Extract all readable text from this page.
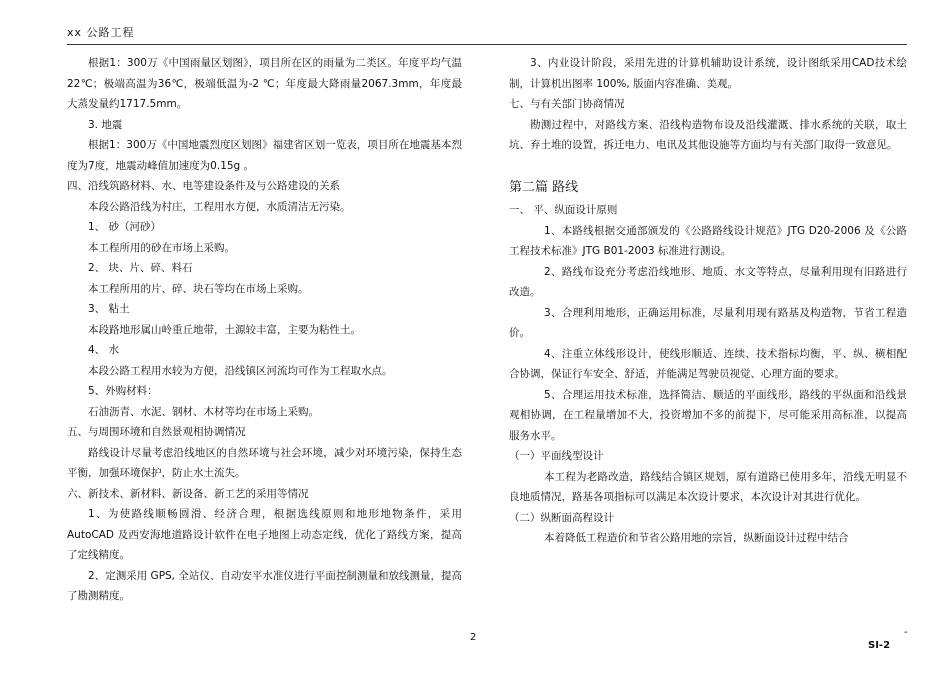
xx 公路工程
根据1：300万《中国雨量区划图》，项目所在区的雨量为二类区。年度平均气温22℃；极端高温为36℃，极端低温为-2 ℃；年度最大降雨量2067.3mm，年度最大蒸发量约1717.5mm。
3. 地震
根据1：300万《中国地震烈度区划图》福建省区划一览表，项目所在地震基本烈度为7度，地震动峰值加速度为0.15g 。
四、沿线筑路材料、水、电等建设条件及与公路建设的关系
本段公路沿线为村庄，工程用水方便，水质清洁无污染。
1、 砂（河砂）
本工程所用的砂在市场上采购。
2、 块、片、碎、料石
本工程所用的片、碎、块石等均在市场上采购。
3、 粘土
本段路地形属山岭重丘地带，土源较丰富，主要为粘性土。
4、 水
本段公路工程用水较为方便，沿线镇区河流均可作为工程取水点。
5、外购材料：
石油沥青、水泥、钢材、木材等均在市场上采购。
五、与周围环境和自然景观相协调情况
路线设计尽量考虑沿线地区的自然环境与社会环境，减少对环境污染，保持生态平衡，加强环境保护，防止水土流失。
六、新技术、新材料、新设备、新工艺的采用等情况
1、为使路线顺畅圆滑、经济合理，根据选线原则和地形地物条件，采用 AutoCAD 及西安海地道路设计软件在电子地图上动态定线，优化了路线方案，提高了定线精度。
2、定测采用 GPS, 全站仪、自动安平水准仪进行平面控制测量和放线测量，提高了勘测精度。
3、内业设计阶段，采用先进的计算机辅助设计系统，设计图纸采用CAD技术绘制，计算机出图率 100%, 版面内容准确、美观。
七、与有关部门协商情况
勘测过程中，对路线方案、沿线构造物布设及沿线灌溉、排水系统的关联，取土坑、弃土堆的设置，拆迁电力、电讯及其他设施等方面均与有关部门取得一致意见。
第二篇 路线
一、 平、纵面设计原则
1、本路线根据交通部颁发的《公路路线设计规范》JTG D20-2006 及《公路工程技术标准》JTG B01-2003 标准进行测设。
2、路线布设充分考虑沿线地形、地质、水文等特点，尽量利用现有旧路进行改造。
3、合理利用地形，正确运用标准，尽量利用现有路基及构造物，节省工程造价。
4、注重立体线形设计，使线形顺适、连续、技术指标均衡，平、纵、横相配合协调，保证行车安全、舒适，并能满足驾驶员视觉、心理方面的要求。
5、合理运用技术标准，选择简洁、顺适的平面线形，路线的平纵面和沿线景观相协调，在工程量增加不大，投资增加不多的前提下，尽可能采用高标准，以提高服务水平。
（一）平面线型设计
本工程为老路改造，路线结合镇区规划，原有道路已使用多年，沿线无明显不良地质情况，路基各项指标可以满足本次设计要求，本次设计对其进行优化。
（二）纵断面高程设计
本着降低工程造价和节省公路用地的宗旨，纵断面设计过程中结合
2	-
SⅠ-2
